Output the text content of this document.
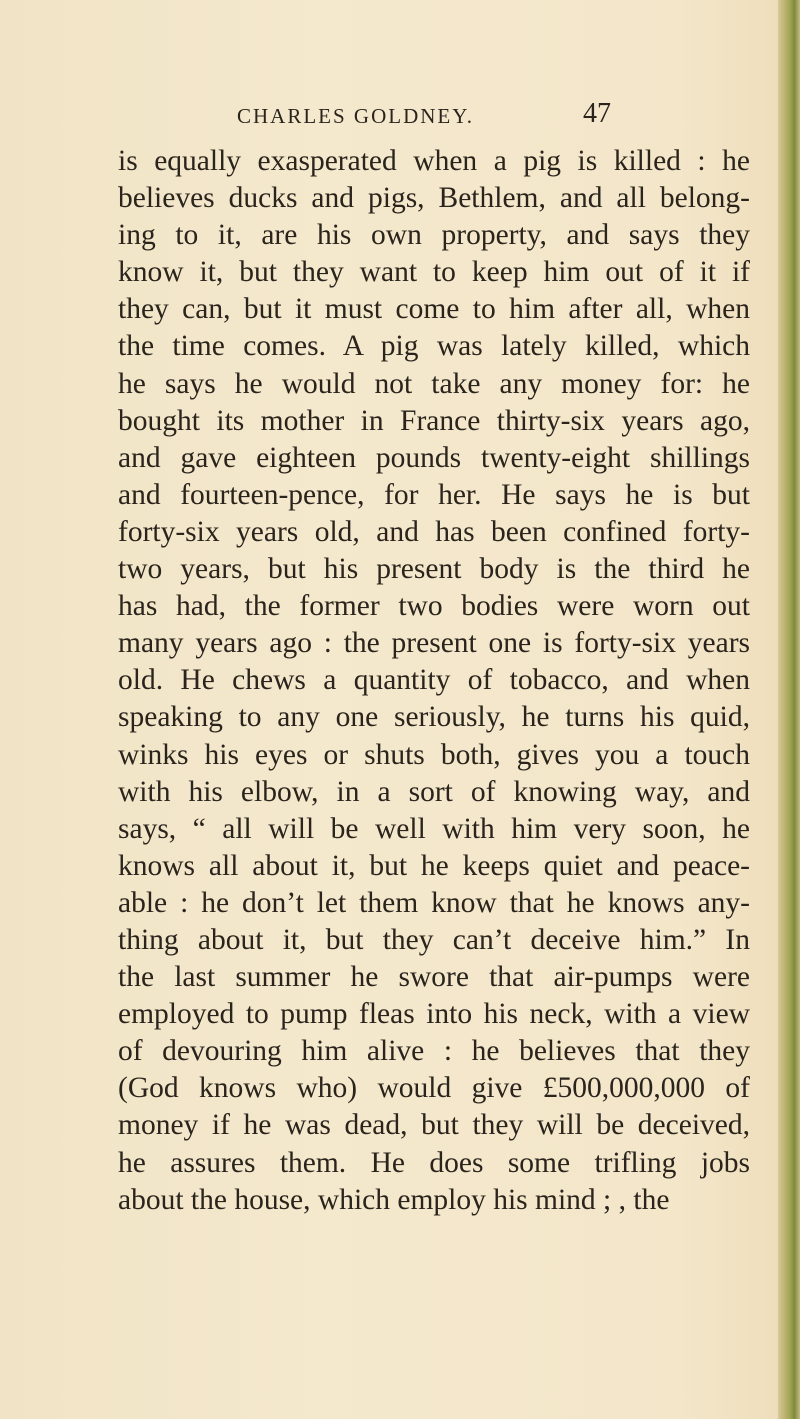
CHARLES GOLDNEY.	47
is equally exasperated when a pig is killed : he
believes ducks and pigs, Bethlem, and all belong-
ing to it, are his own property, and says they
know it, but they want to keep him out of it if
they can, but it must come to him after all, when
the time comes. A pig was lately killed, which
he says he would not take any money for: he
bought its mother in France thirty-six years ago,
and gave eighteen pounds twenty-eight shillings
and fourteen-pence, for her. He says he is but
forty-six years old, and has been confined forty-
two years, but his present body is the third he
has had, the former two bodies were worn out
many years ago : the present one is forty-six years
old. He chews a quantity of tobacco, and when
speaking to any one seriously, he turns his quid,
winks his eyes or shuts both, gives you a touch
with his elbow, in a sort of knowing way, and
says, “ all will be well with him very soon, he
knows all about it, but he keeps quiet and peace-
able : he don’t let them know that he knows any-
thing about it, but they can’t deceive him.” In
the last summer he swore that air-pumps were
employed to pump fleas into his neck, with a view
of devouring him alive : he believes that they
(God knows who) would give £500,000,000 of
money if he was dead, but they will be deceived,
he assures them. He does some trifling jobs
about the house, which employ his mind ; , the
